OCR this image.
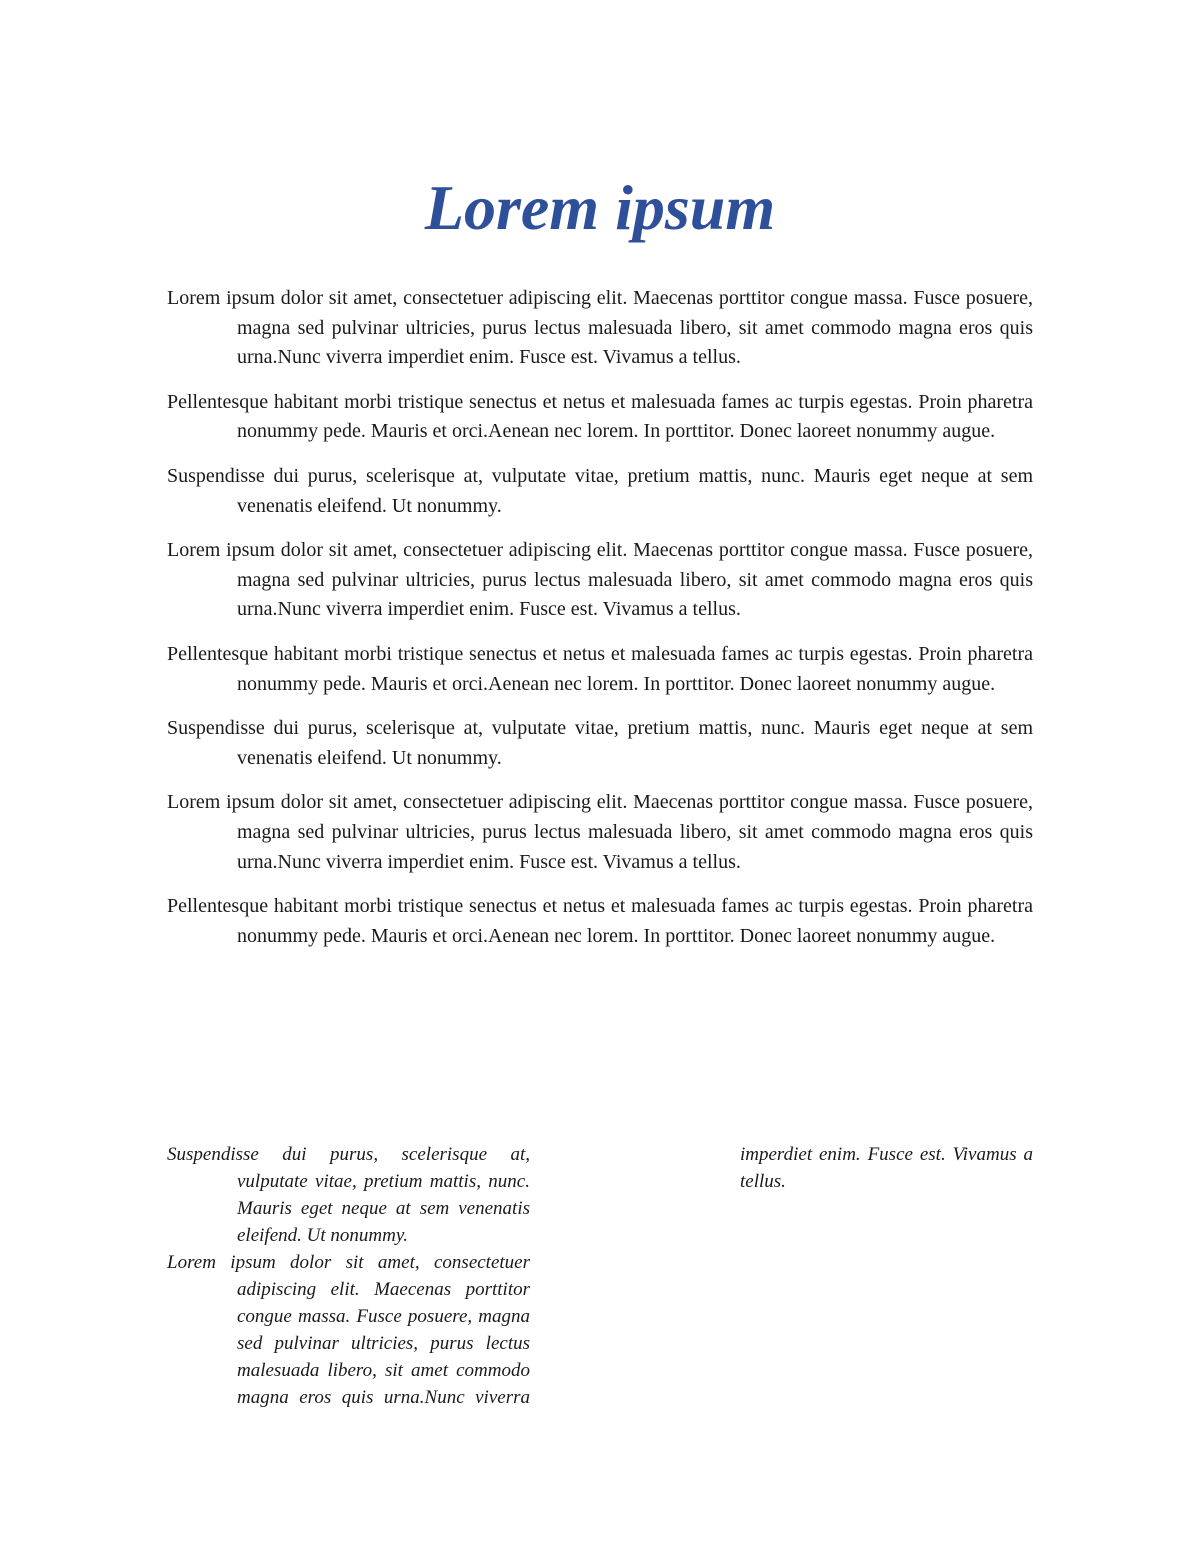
Lorem ipsum

Lorem ipsum dolor sit amet, consectetuer adipiscing elit. Maecenas porttitor congue massa. Fusce posuere, magna sed pulvinar ultricies, purus lectus malesuada libero, sit amet commodo magna eros quis urna.Nunc viverra imperdiet enim. Fusce est. Vivamus a tellus.

Pellentesque habitant morbi tristique senectus et netus et malesuada fames ac turpis egestas. Proin pharetra nonummy pede. Mauris et orci.Aenean nec lorem. In porttitor. Donec laoreet nonummy augue.

Suspendisse dui purus, scelerisque at, vulputate vitae, pretium mattis, nunc. Mauris eget neque at sem venenatis eleifend. Ut nonummy.

Lorem ipsum dolor sit amet, consectetuer adipiscing elit. Maecenas porttitor congue massa. Fusce posuere, magna sed pulvinar ultricies, purus lectus malesuada libero, sit amet commodo magna eros quis urna.Nunc viverra imperdiet enim. Fusce est. Vivamus a tellus.

Pellentesque habitant morbi tristique senectus et netus et malesuada fames ac turpis egestas. Proin pharetra nonummy pede. Mauris et orci.Aenean nec lorem. In porttitor. Donec laoreet nonummy augue.

Suspendisse dui purus, scelerisque at, vulputate vitae, pretium mattis, nunc. Mauris eget neque at sem venenatis eleifend. Ut nonummy.

Lorem ipsum dolor sit amet, consectetuer adipiscing elit. Maecenas porttitor congue massa. Fusce posuere, magna sed pulvinar ultricies, purus lectus malesuada libero, sit amet commodo magna eros quis urna.Nunc viverra imperdiet enim. Fusce est. Vivamus a tellus.

Pellentesque habitant morbi tristique senectus et netus et malesuada fames ac turpis egestas. Proin pharetra nonummy pede. Mauris et orci.Aenean nec lorem. In porttitor. Donec laoreet nonummy augue.

Suspendisse dui purus, scelerisque at, vulputate vitae, pretium mattis, nunc. Mauris eget neque at sem venenatis eleifend. Ut nonummy.

Lorem ipsum dolor sit amet, consectetuer adipiscing elit. Maecenas porttitor congue massa. Fusce posuere, magna sed pulvinar ultricies, purus lectus malesuada libero, sit amet commodo magna eros quis urna.Nunc viverra imperdiet enim. Fusce est. Vivamus a tellus.
